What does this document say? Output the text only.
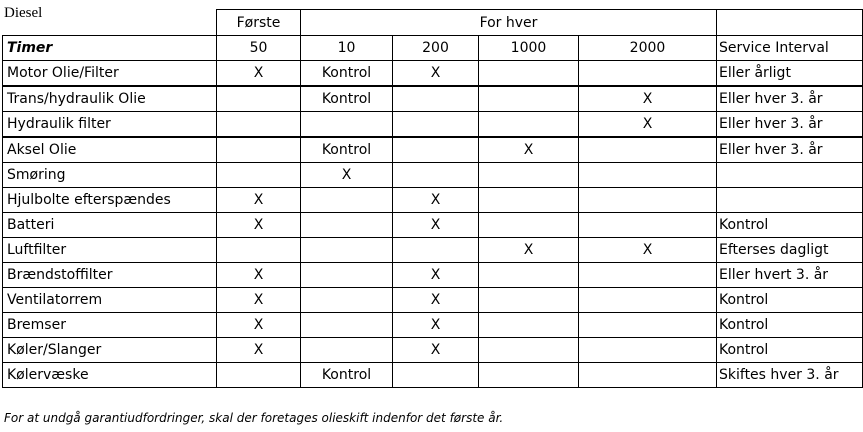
Diesel
	Første	For hver				
Timer	50	10	200	1000	2000	Service Interval
Motor Olie/Filter	X	Kontrol	X			Eller årligt
Trans/hydraulik Olie		Kontrol			X	Eller hver 3. år
Hydraulik filter					X	Eller hver 3. år
Aksel Olie		Kontrol		X		Eller hver 3. år
Smøring		X				
Hjulbolte efterspændes	X		X			
Batteri	X		X			Kontrol
Luftfilter				X	X	Efterses dagligt
Brændstoffilter	X		X			Eller hvert 3. år
Ventilatorrem	X		X			Kontrol
Bremser	X		X			Kontrol
Køler/Slanger	X		X			Kontrol
Kølervæske		Kontrol				Skiftes hver 3. år
For at undgå garantiudfordringer, skal der foretages olieskift indenfor det første år.
